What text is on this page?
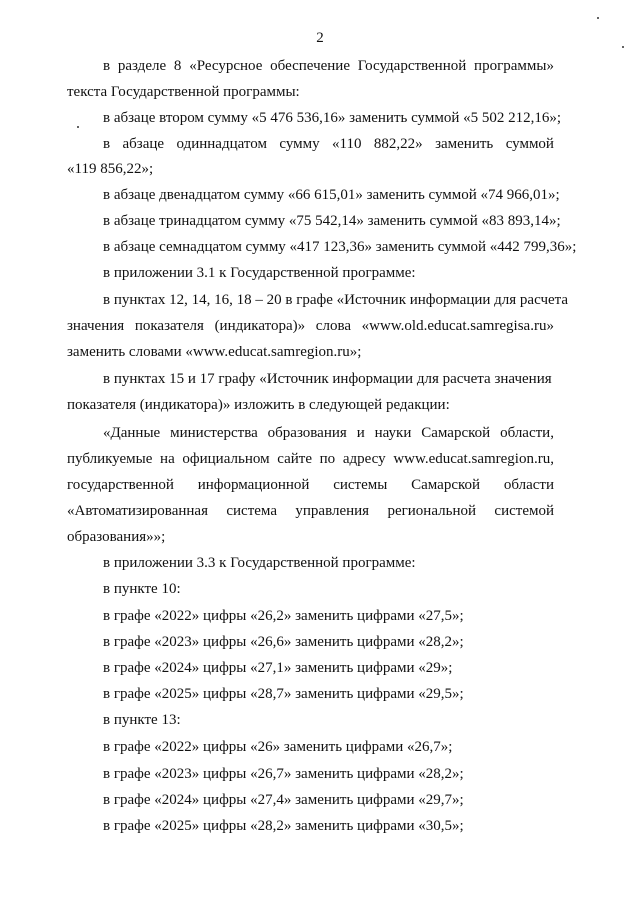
2
в разделе 8 «Ресурсное обеспечение Государственной программы»
текста Государственной программы:
в абзаце втором сумму «5 476 536,16» заменить суммой «5 502 212,16»;
в абзаце одиннадцатом сумму «110 882,22» заменить суммой
«119 856,22»;
в абзаце двенадцатом сумму «66 615,01» заменить суммой «74 966,01»;
в абзаце тринадцатом сумму «75 542,14» заменить суммой «83 893,14»;
в абзаце семнадцатом сумму «417 123,36» заменить суммой «442 799,36»;
в приложении 3.1 к Государственной программе:
в пунктах 12, 14, 16, 18 – 20 в графе «Источник информации для расчета
значения показателя (индикатора)» слова «www.old.educat.samregisa.ru»
заменить словами «www.educat.samregion.ru»;
в пунктах 15 и 17 графу «Источник информации для расчета значения
показателя (индикатора)» изложить в следующей редакции:
«Данные министерства образования и науки Самарской области,
публикуемые на официальном сайте по адресу www.educat.samregion.ru,
государственной информационной системы Самарской области
«Автоматизированная система управления региональной системой
образования»»;
в приложении 3.3 к Государственной программе:
в пункте 10:
в графе «2022» цифры «26,2» заменить цифрами «27,5»;
в графе «2023» цифры «26,6» заменить цифрами «28,2»;
в графе «2024» цифры «27,1» заменить цифрами «29»;
в графе «2025» цифры «28,7» заменить цифрами «29,5»;
в пункте 13:
в графе «2022» цифры «26» заменить цифрами «26,7»;
в графе «2023» цифры «26,7» заменить цифрами «28,2»;
в графе «2024» цифры «27,4» заменить цифрами «29,7»;
в графе «2025» цифры «28,2» заменить цифрами «30,5»;
